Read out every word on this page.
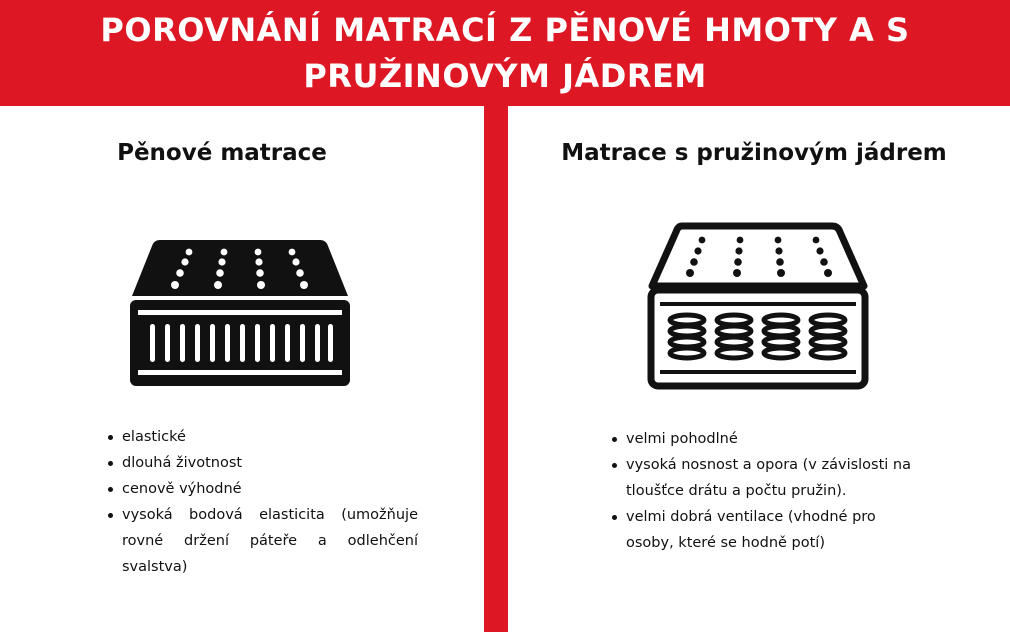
POROVNÁNÍ MATRACÍ Z PĚNOVÉ HMOTY A S PRUŽINOVÝM JÁDREM
Pěnové matrace
elastické
dlouhá životnost
cenově výhodné
vysoká bodová elasticita (umožňuje rovné držení páteře a odlehčení svalstva)
Matrace s pružinovým jádrem
velmi pohodlné
vysoká nosnost a opora (v závislosti na tloušťce drátu a počtu pružin).
velmi dobrá ventilace (vhodné pro osoby, které se hodně potí)
